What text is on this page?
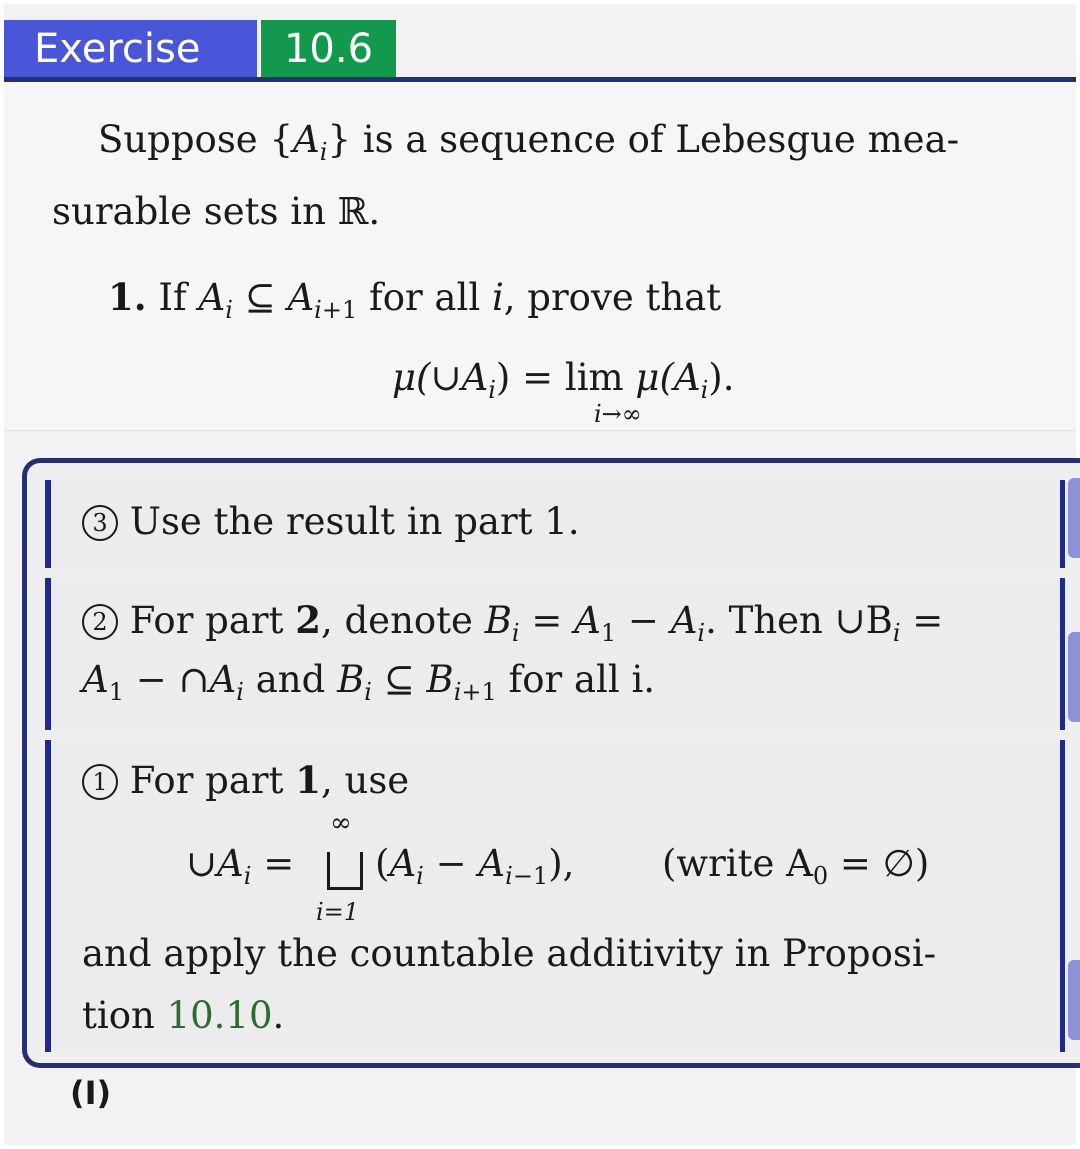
Exercise	10.6
Suppose $\{A_i\}$ is a sequence of Lebesgue mea-
surable sets in ℝ.
1. If $A_i$ ⊆ $A_{i+1}$ for all i, prove that
$\mu(\cup A_i) = \lim \mu(A_i)$.
i→∞
3 Use the result in part 1.
2 For part 2, denote $B_i = A_1 - A_i$. Then $\cup B_i$ =
$A_1$ − $\cap A_i$ and $B_i$ ⊆ $B_{i+1}$ for all i.
1 For part 1, use
∞
i=1
$\cup A_i = (A_i - A_{i-1})$, (write $A_0$ = ∅)
and apply the countable additivity in Proposi-
tion 10.10.
(I)
